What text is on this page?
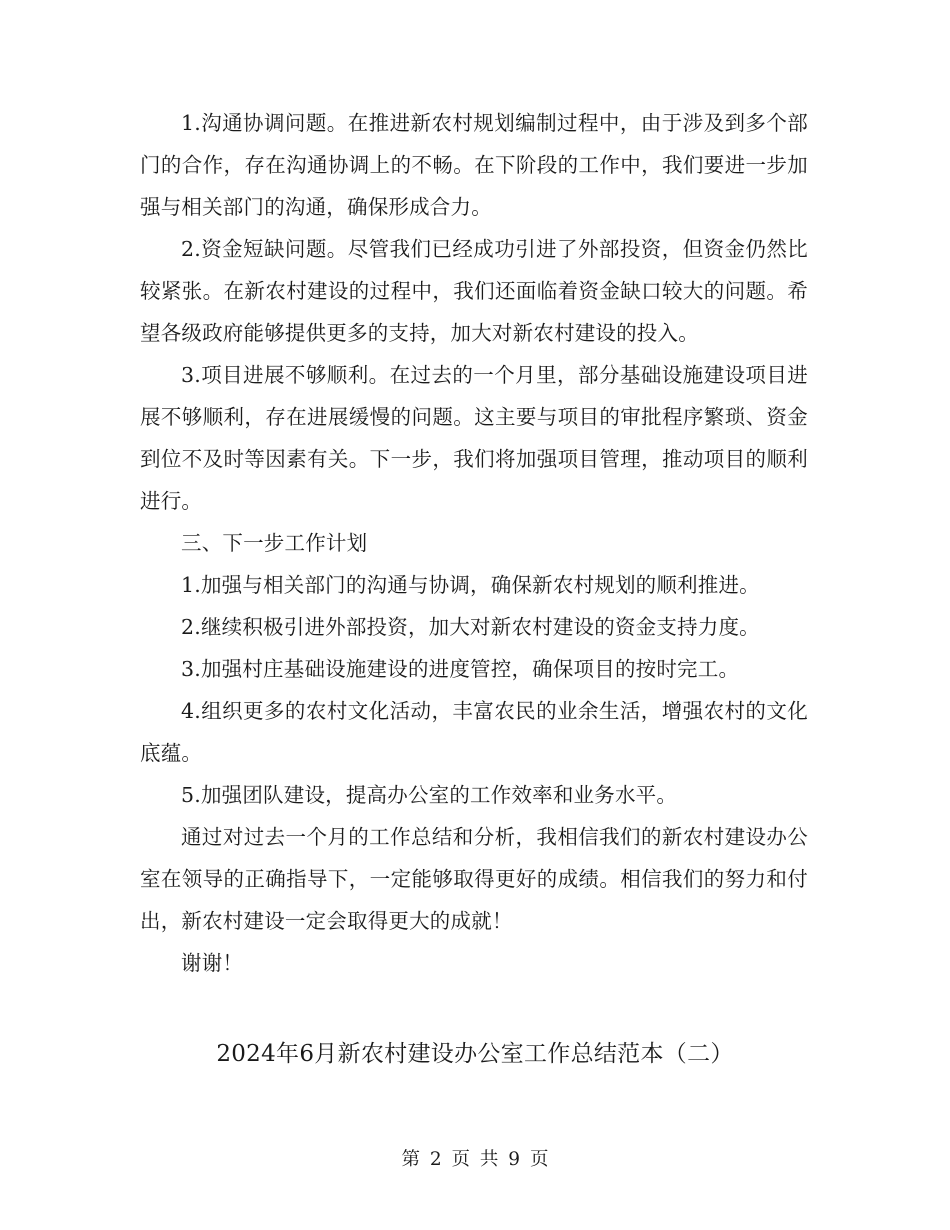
1.沟通协调问题。在推进新农村规划编制过程中，由于涉及到多个部门的合作，存在沟通协调上的不畅。在下阶段的工作中，我们要进一步加强与相关部门的沟通，确保形成合力。

2.资金短缺问题。尽管我们已经成功引进了外部投资，但资金仍然比较紧张。在新农村建设的过程中，我们还面临着资金缺口较大的问题。希望各级政府能够提供更多的支持，加大对新农村建设的投入。

3.项目进展不够顺利。在过去的一个月里，部分基础设施建设项目进展不够顺利，存在进展缓慢的问题。这主要与项目的审批程序繁琐、资金到位不及时等因素有关。下一步，我们将加强项目管理，推动项目的顺利进行。

三、下一步工作计划

1.加强与相关部门的沟通与协调，确保新农村规划的顺利推进。

2.继续积极引进外部投资，加大对新农村建设的资金支持力度。

3.加强村庄基础设施建设的进度管控，确保项目的按时完工。

4.组织更多的农村文化活动，丰富农民的业余生活，增强农村的文化底蕴。

5.加强团队建设，提高办公室的工作效率和业务水平。

通过对过去一个月的工作总结和分析，我相信我们的新农村建设办公室在领导的正确指导下，一定能够取得更好的成绩。相信我们的努力和付出，新农村建设一定会取得更大的成就！

谢谢！

2024年6月新农村建设办公室工作总结范本（二）
第 2 页 共 9 页
